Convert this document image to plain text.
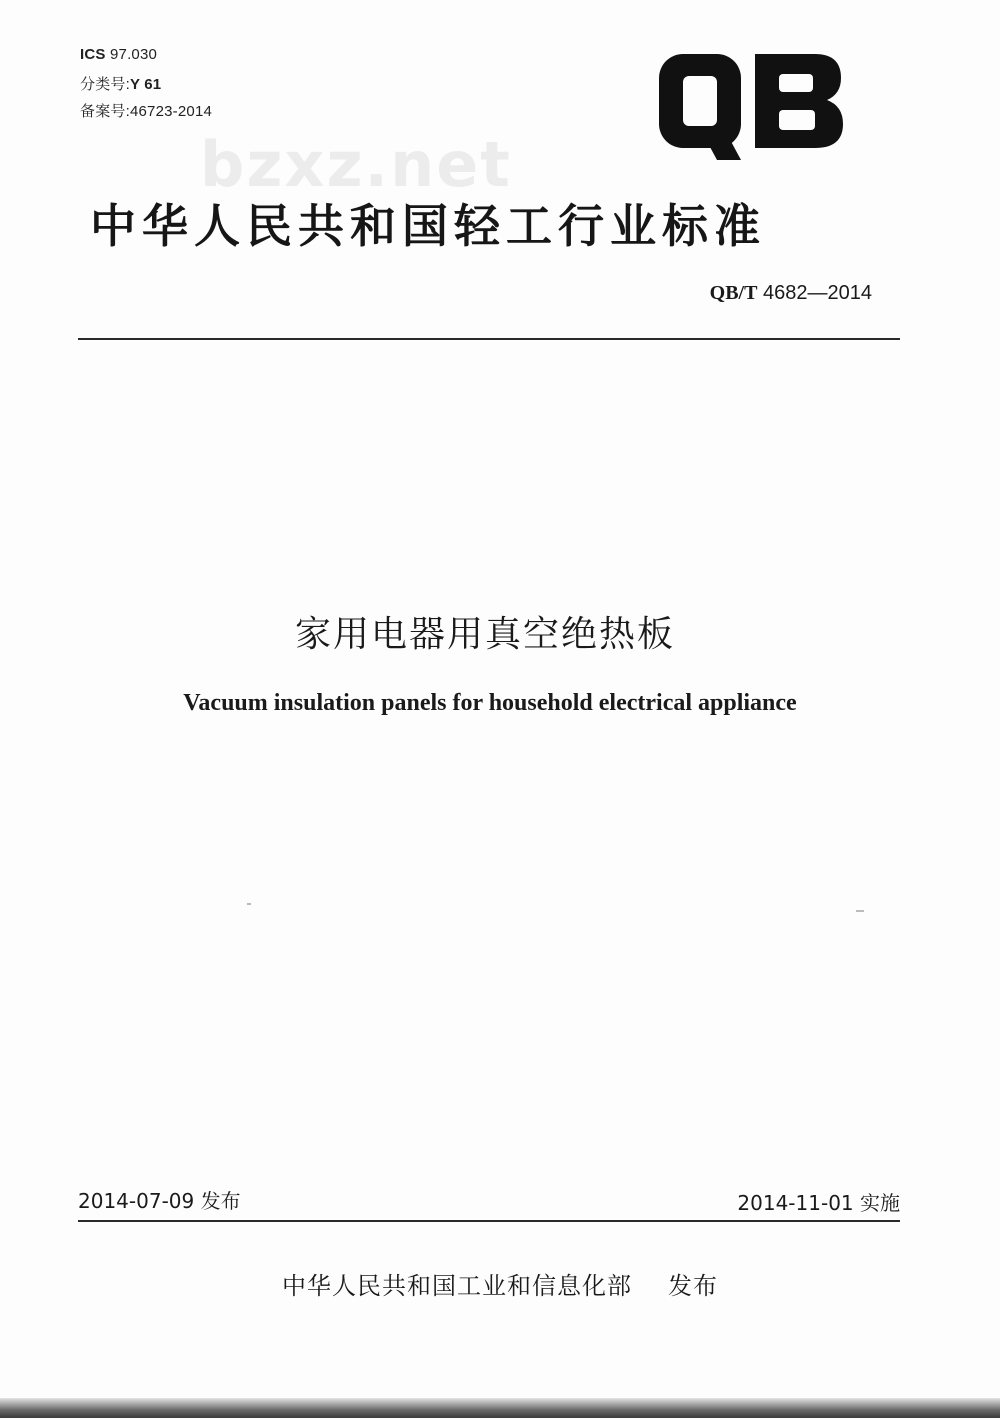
ICS 97.030
分类号:Y 61
备案号:46723-2014
bzxz.net
中华人民共和国轻工行业标准
QB/T 4682—2014
家用电器用真空绝热板
Vacuum insulation panels for household electrical appliance
2014-07-09 发布	2014-11-01 实施
中华人民共和国工业和信息化部 发布
